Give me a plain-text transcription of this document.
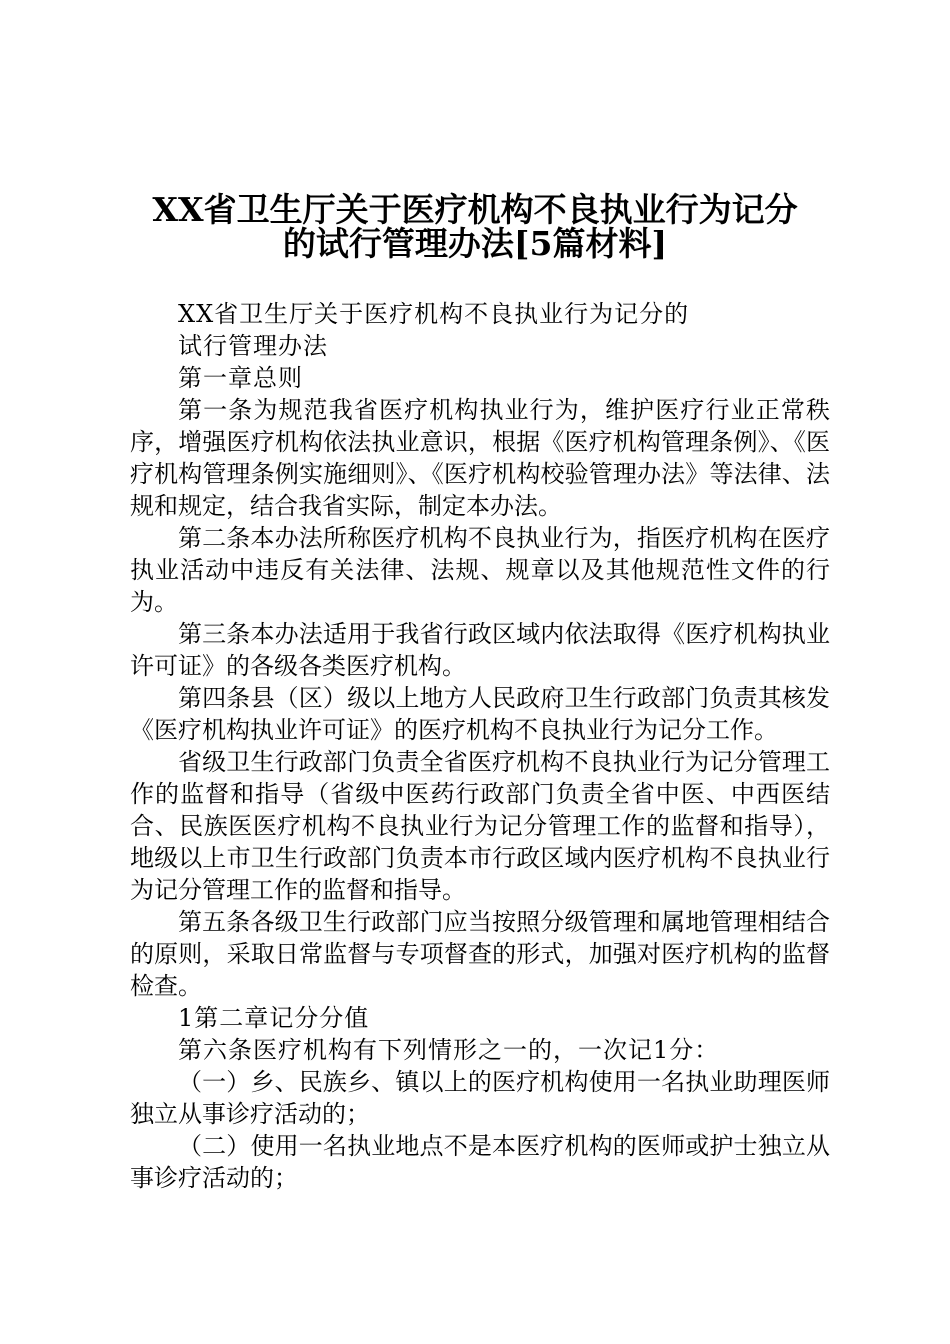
XX省卫生厅关于医疗机构不良执业行为记分
的试行管理办法[5篇材料]

XX省卫生厅关于医疗机构不良执业行为记分的

试行管理办法

第一章总则

第一条为规范我省医疗机构执业行为，维护医疗行业正常秩序，增强医疗机构依法执业意识，根据《医疗机构管理条例》、《医疗机构管理条例实施细则》、《医疗机构校验管理办法》等法律、法规和规定，结合我省实际，制定本办法。

第二条本办法所称医疗机构不良执业行为，指医疗机构在医疗执业活动中违反有关法律、法规、规章以及其他规范性文件的行为。

第三条本办法适用于我省行政区域内依法取得《医疗机构执业许可证》的各级各类医疗机构。

第四条县（区）级以上地方人民政府卫生行政部门负责其核发《医疗机构执业许可证》的医疗机构不良执业行为记分工作。

省级卫生行政部门负责全省医疗机构不良执业行为记分管理工作的监督和指导（省级中医药行政部门负责全省中医、中西医结合、民族医医疗机构不良执业行为记分管理工作的监督和指导），地级以上市卫生行政部门负责本市行政区域内医疗机构不良执业行为记分管理工作的监督和指导。

第五条各级卫生行政部门应当按照分级管理和属地管理相结合的原则，采取日常监督与专项督查的形式，加强对医疗机构的监督检查。

1第二章记分分值

第六条医疗机构有下列情形之一的，一次记1分：

（一）乡、民族乡、镇以上的医疗机构使用一名执业助理医师独立从事诊疗活动的；

（二）使用一名执业地点不是本医疗机构的医师或护士独立从事诊疗活动的；
